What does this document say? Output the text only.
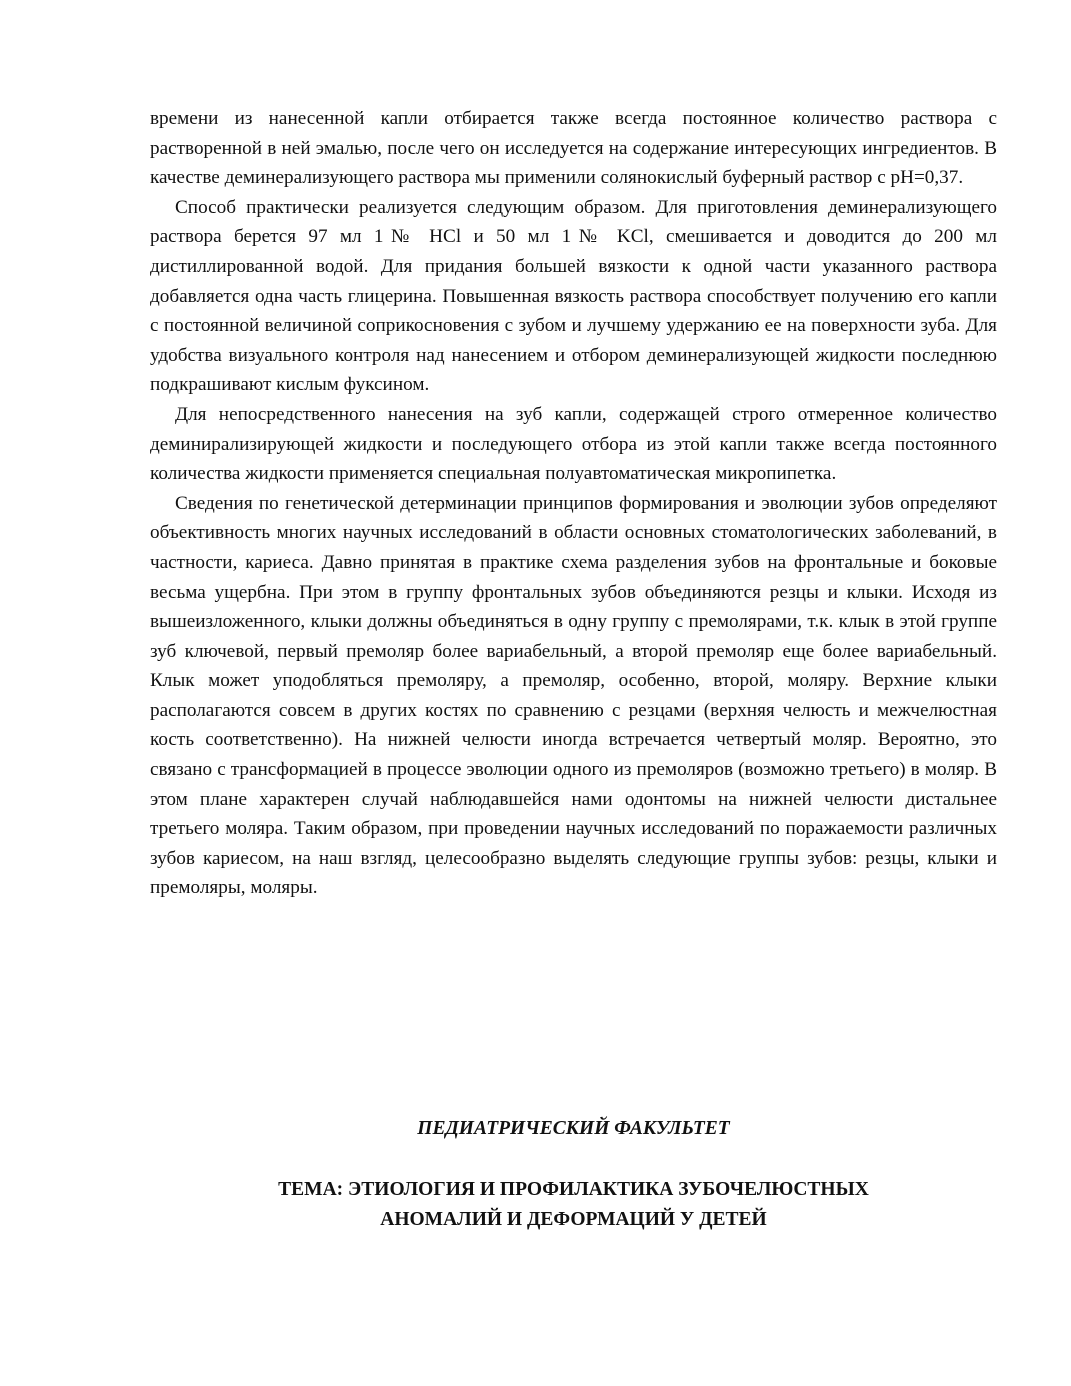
времени из нанесенной капли отбирается также всегда постоянное количество раствора с растворенной в ней эмалью, после чего он исследуется на содержание интересующих ингредиентов. В качестве деминерализующего раствора мы применили солянокислый буферный раствор с pH=0,37.

Способ практически реализуется следующим образом. Для приготовления деминерализующего раствора берется 97 мл 1№ HCl и 50 мл 1№ KCl, смешивается и доводится до 200 мл дистиллированной водой. Для придания большей вязкости к одной части указанного раствора добавляется одна часть глицерина. Повышенная вязкость раствора способствует получению его капли с постоянной величиной соприкосновения с зубом и лучшему удержанию ее на поверхности зуба. Для удобства визуального контроля над нанесением и отбором деминерализующей жидкости последнюю подкрашивают кислым фуксином.

Для непосредственного нанесения на зуб капли, содержащей строго отмеренное количество деминирализирующей жидкости и последующего отбора из этой капли также всегда постоянного количества жидкости применяется специальная полуавтоматическая микропипетка.

Сведения по генетической детерминации принципов формирования и эволюции зубов определяют объективность многих научных исследований в области основных стоматологических заболеваний, в частности, кариеса. Давно принятая в практике схема разделения зубов на фронтальные и боковые весьма ущербна. При этом в группу фронтальных зубов объединяются резцы и клыки. Исходя из вышеизложенного, клыки должны объединяться в одну группу с премолярами, т.к. клык в этой группе зуб ключевой, первый премоляр более вариабельный, а второй премоляр еще более вариабельный. Клык может уподобляться премоляру, а премоляр, особенно, второй, моляру. Верхние клыки располагаются совсем в других костях по сравнению с резцами (верхняя челюсть и межчелюстная кость соответственно). На нижней челюсти иногда встречается четвертый моляр. Вероятно, это связано с трансформацией в процессе эволюции одного из премоляров (возможно третьего) в моляр. В этом плане характерен случай наблюдавшейся нами одонтомы на нижней челюсти дистальнее третьего моляра. Таким образом, при проведении научных исследований по поражаемости различных зубов кариесом, на наш взгляд, целесообразно выделять следующие группы зубов: резцы, клыки и премоляры, моляры.

ПЕДИАТРИЧЕСКИЙ ФАКУЛЬТЕТ
ТЕМА: ЭТИОЛОГИЯ И ПРОФИЛАКТИКА ЗУБОЧЕЛЮСТНЫХ
АНОМАЛИЙ И ДЕФОРМАЦИЙ У ДЕТЕЙ
